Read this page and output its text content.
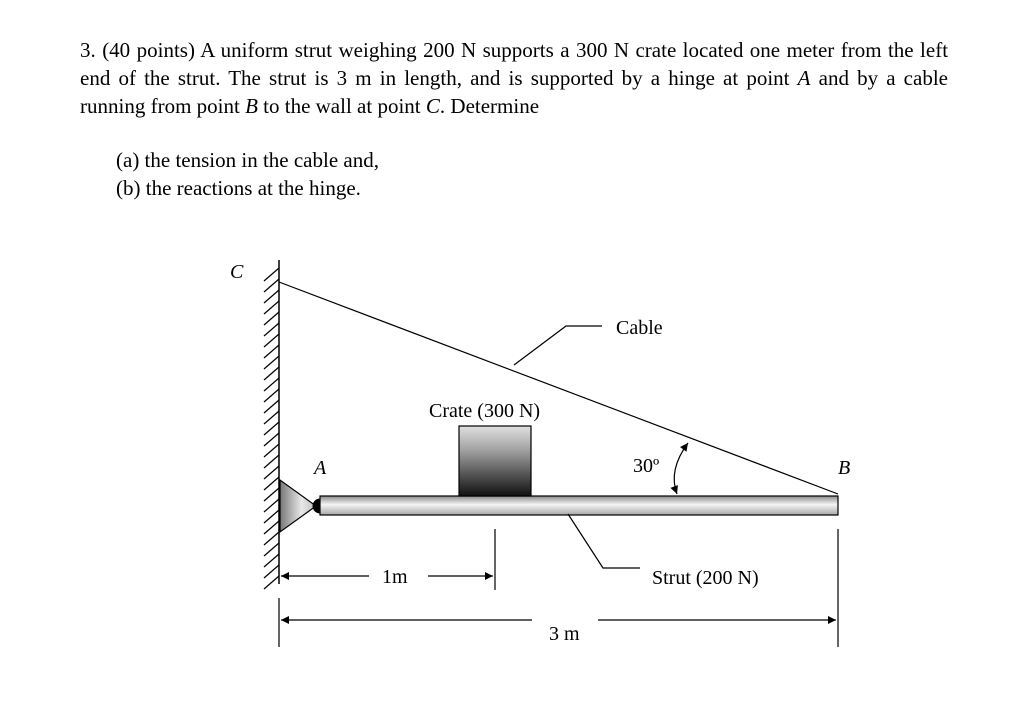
3. (40 points) A uniform strut weighing 200 N supports a 300 N crate located one meter from the left end of the strut. The strut is 3 m in length, and is supported by a hinge at point A and by a cable running from point B to the wall at point C. Determine
(a) the tension in the cable and,
(b) the reactions at the hinge.
Cable
Crate (300 N)
C
A	B
30º
Strut (200 N)
1m
3 m
